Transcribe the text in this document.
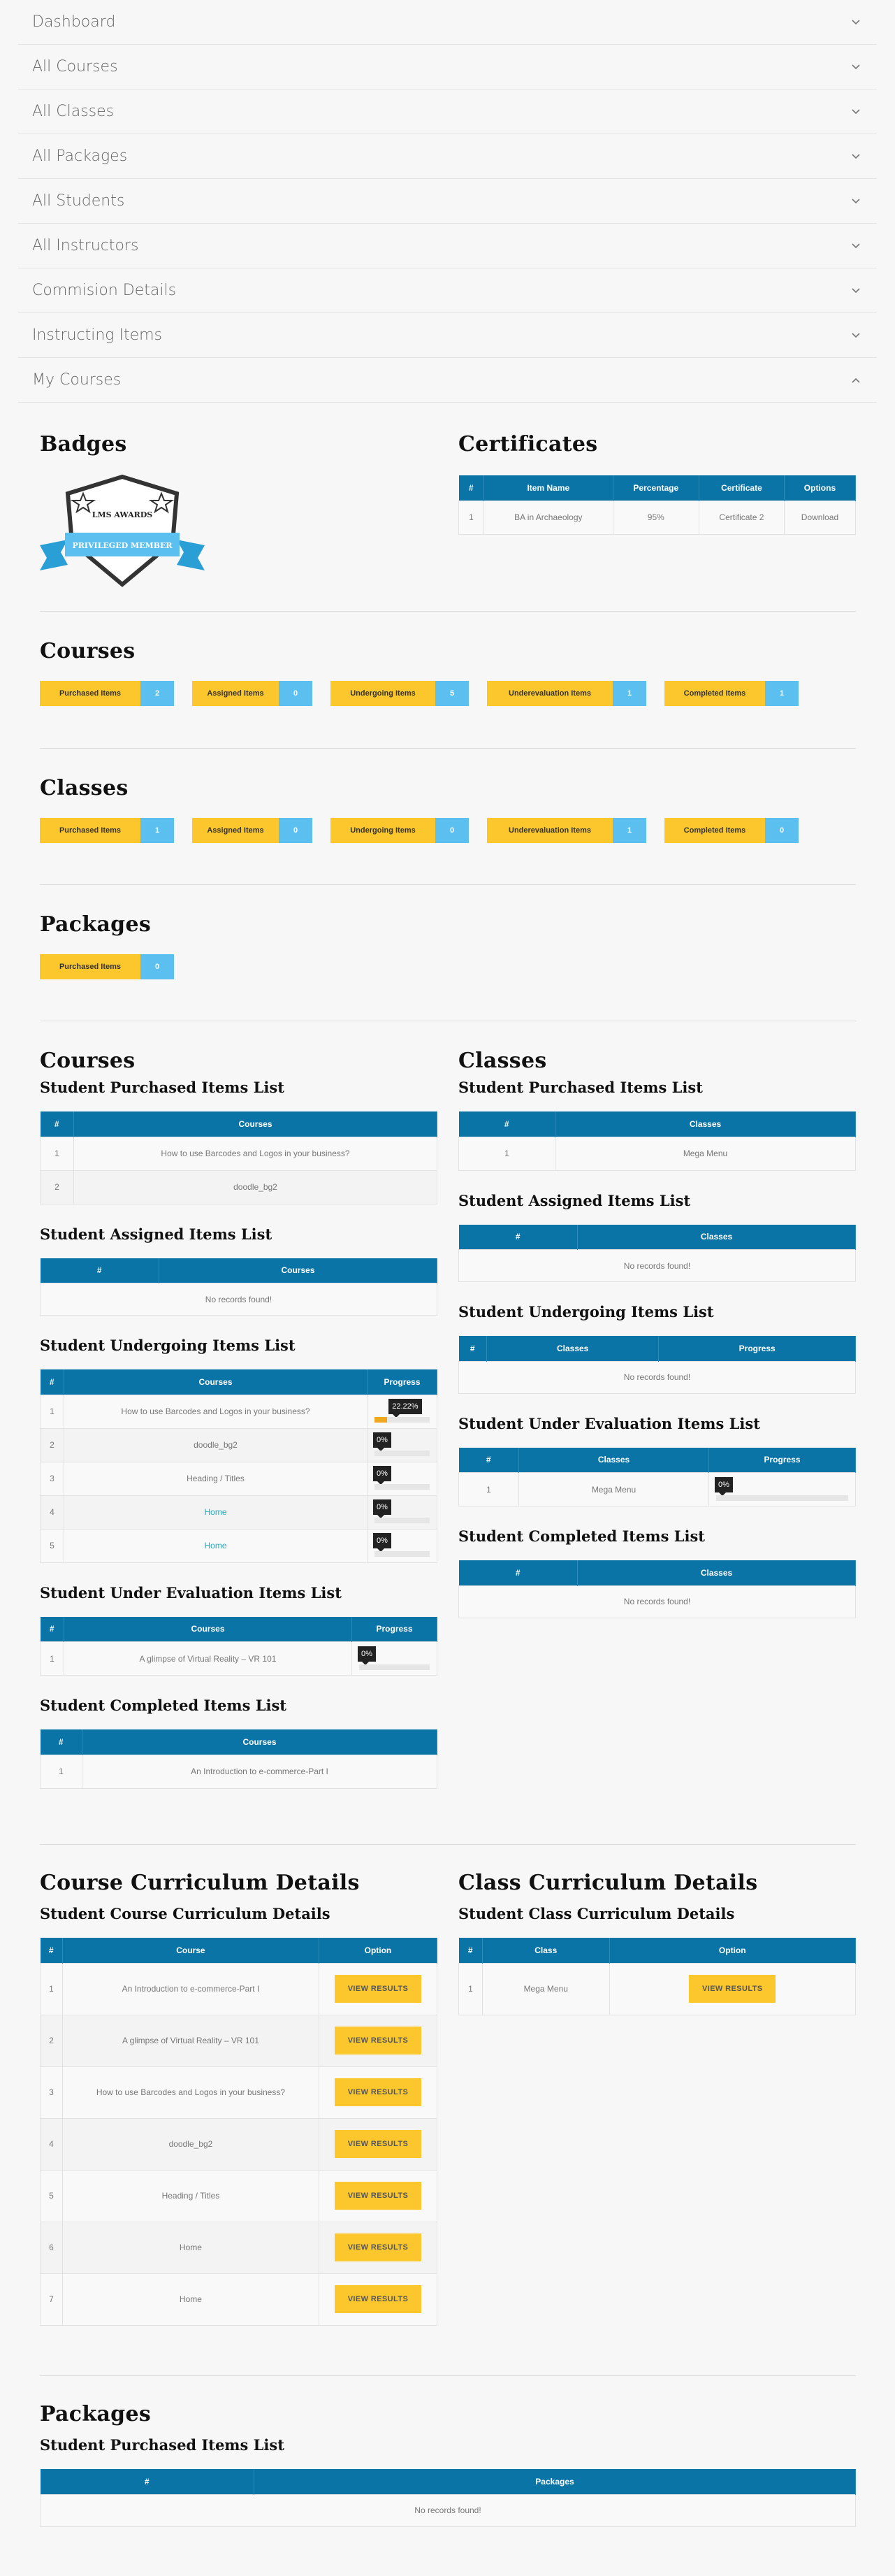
Dashboard
All Courses
All Classes
All Packages
All Students
All Instructors
Commision Details
Instructing Items
My Courses
Badges
LMS AWARDS
PRIVILEGED MEMBER
Certificates
#	Item Name	Percentage	Certificate	Options
1	BA in Archaeology	95%	Certificate 2	Download
Courses
Purchased Items	2	Assigned Items	0	Undergoing Items	5	Underevaluation Items	1	Completed Items	1
Classes
Purchased Items	1	Assigned Items	0	Undergoing Items	0	Underevaluation Items	1	Completed Items	0
Packages
Purchased Items	0
Courses
Student Purchased Items List
#	Courses
1	How to use Barcodes and Logos in your business?
2	doodle_bg2
Student Assigned Items List
#	Courses
No records found!
Student Undergoing Items List
#	Courses	Progress
1	How to use Barcodes and Logos in your business?	22.22%

2	doodle_bg2	0%

3	Heading / Titles	0%

4	Home	0%

5	Home	0%
Student Under Evaluation Items List
#	Courses	Progress
1	A glimpse of Virtual Reality – VR 101	0%
Student Completed Items List
#	Courses
1	An Introduction to e-commerce-Part I
Classes
Student Purchased Items List
#	Classes
1	Mega Menu
Student Assigned Items List
#	Classes
No records found!
Student Undergoing Items List
#	Classes	Progress
No records found!
Student Under Evaluation Items List
#	Classes	Progress
1	Mega Menu	0%
Student Completed Items List
#	Classes
No records found!
Course Curriculum Details
Student Course Curriculum Details
#	Course	Option
1	An Introduction to e-commerce-Part I	VIEW RESULTS
2	A glimpse of Virtual Reality – VR 101	VIEW RESULTS
3	How to use Barcodes and Logos in your business?	VIEW RESULTS
4	doodle_bg2	VIEW RESULTS
5	Heading / Titles	VIEW RESULTS
6	Home	VIEW RESULTS
7	Home	VIEW RESULTS
Class Curriculum Details
Student Class Curriculum Details
#	Class	Option
1	Mega Menu	VIEW RESULTS
Packages
Student Purchased Items List
#	Packages
No records found!
